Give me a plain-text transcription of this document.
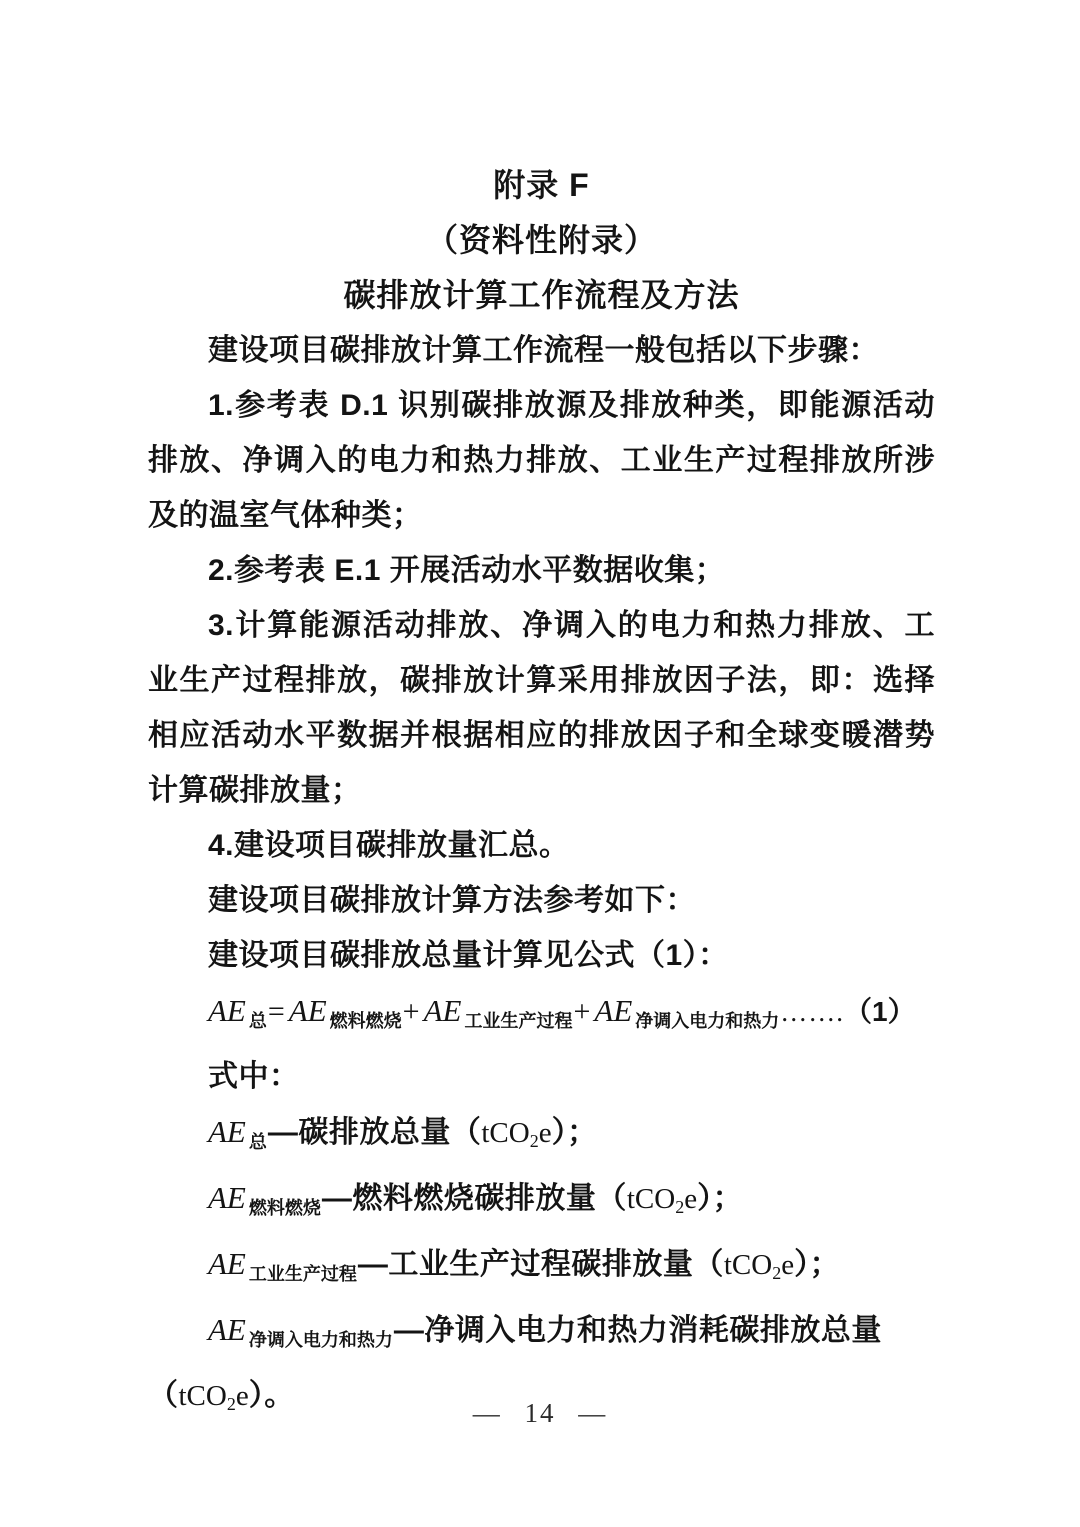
附录 F
（资料性附录）
碳排放计算工作流程及方法

建设项目碳排放计算工作流程一般包括以下步骤：

1.参考表 D.1 识别碳排放源及排放种类，即能源活动排放、净调入的电力和热力排放、工业生产过程排放所涉及的温室气体种类；

2.参考表 E.1 开展活动水平数据收集；

3.计算能源活动排放、净调入的电力和热力排放、工业生产过程排放，碳排放计算采用排放因子法，即：选择相应活动水平数据并根据相应的排放因子和全球变暖潜势计算碳排放量；

4.建设项目碳排放量汇总。

建设项目碳排放计算方法参考如下：

建设项目碳排放总量计算见公式（1）：

AE $_总$= AE $_{燃料燃烧}$+ AE $_{工业生产过程}$+ AE $_{净调入电力和热力}$…….（1）

式中：

AE $_总$—碳排放总量（tCO2e）；
AE $_{燃料燃烧}$—燃料燃烧碳排放量（tCO2e）；
AE $_{工业生产过程}$—工业生产过程碳排放量（tCO2e）；
AE $_{净调入电力和热力}$—净调入电力和热力消耗碳排放总量（tCO2e）。
— 14 —
